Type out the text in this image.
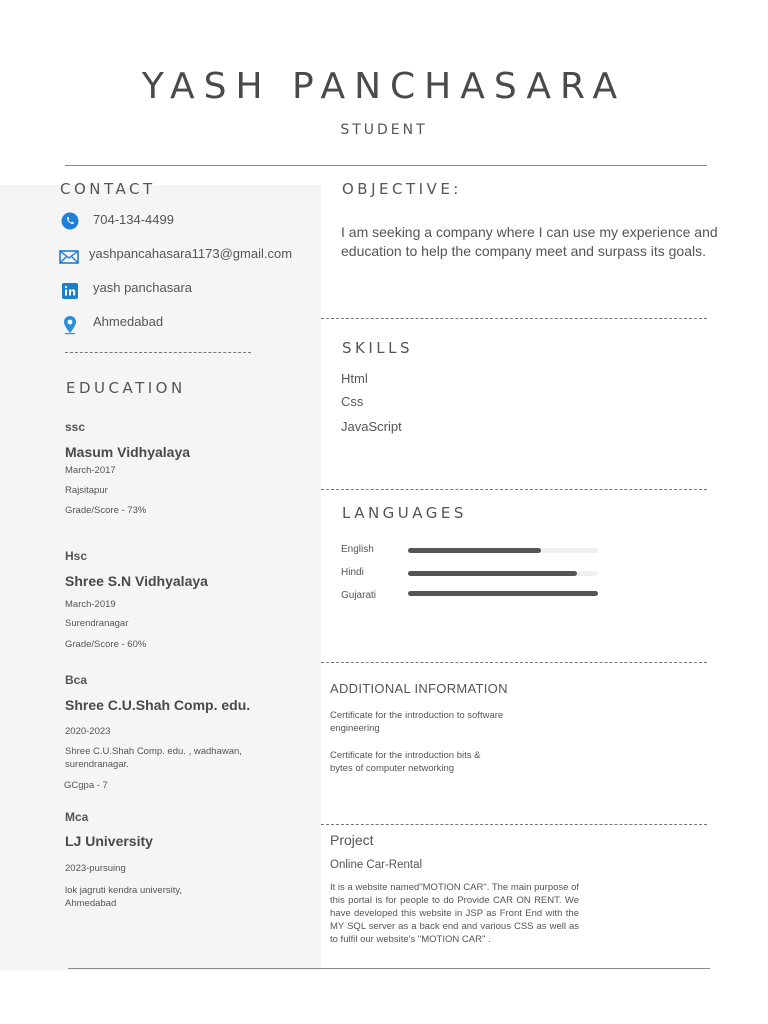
YASH PANCHASARA
STUDENT
CONTACT
704-134-4499
yashpancahasara1173@gmail.com
yash panchasara
Ahmedabad
EDUCATION
ssc
Masum Vidhyalaya
March-2017
Rajsitapur
Grade/Score - 73%
Hsc
Shree S.N Vidhyalaya
March-2019
Surendranagar
Grade/Score - 60%
Bca
Shree C.U.Shah Comp. edu.
2020-2023
Shree C.U.Shah Comp. edu. , wadhawan,
surendranagar.
GCgpa - 7
Mca
LJ University
2023-pursuing
lok jagruti kendra university,
Ahmedabad
OBJECTIVE:
I am seeking a company where I can use my experience and education to help the company meet and surpass its goals.
SKILLS
Html
Css
JavaScript
LANGUAGES
English
Hindi
Gujarati
ADDITIONAL INFORMATION
Certificate for the introduction to software engineering
Certificate for the introduction bits & bytes of computer networking
Project
Online Car-Rental
It is a website named"MOTION CAR". The main purpose of this portal is for people to do Provide CAR ON RENT. We have developed this website in JSP as Front End with the MY SQL server as a back end and various CSS as well as to fulfil our website's "MOTION CAR" .
